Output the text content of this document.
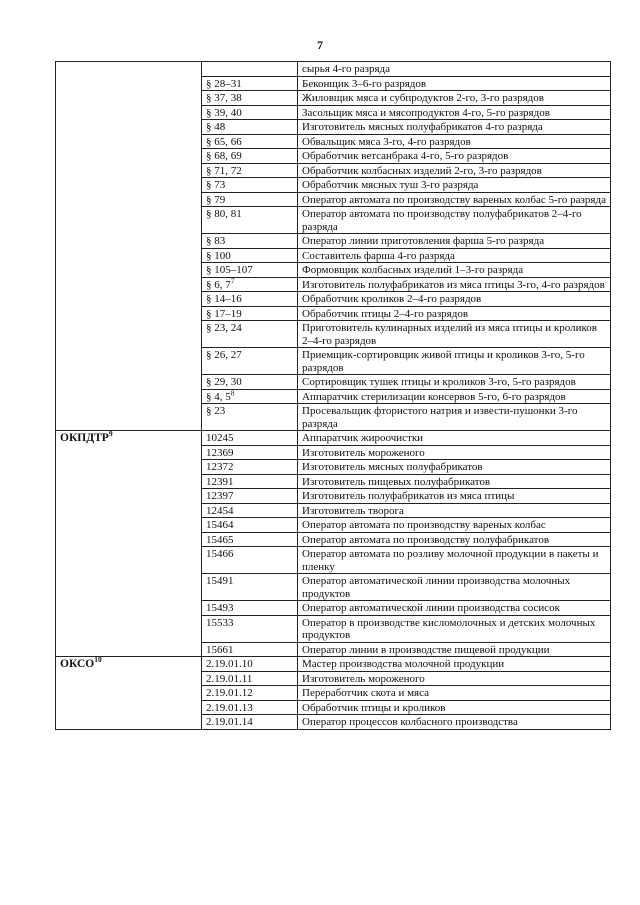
7
		сырья 4-го разряда
	§ 28–31	Беконщик 3–6-го разрядов
	§ 37, 38	Жиловщик мяса и субпродуктов 2-го, 3-го разрядов
	§ 39, 40	Засольщик мяса и мясопродуктов 4-го, 5-го разрядов
	§ 48	Изготовитель мясных полуфабрикатов 4-го разряда
	§ 65, 66	Обвальщик мяса 3-го, 4-го разрядов
	§ 68, 69	Обработчик ветсанбрака 4-го, 5-го разрядов
	§ 71, 72	Обработчик колбасных изделий 2-го, 3-го разрядов
	§ 73	Обработчик мясных туш 3-го разряда
	§ 79	Оператор автомата по производству вареных колбас 5-го разряда
	§ 80, 81	Оператор автомата по производству полуфабрикатов 2–4-го разряда
	§ 83	Оператор линии приготовления фарша 5-го разряда
	§ 100	Составитель фарша 4-го разряда
	§ 105–107	Формовщик колбасных изделий 1–3-го разряда
	§ 6, $7^7$	Изготовитель полуфабрикатов из мяса птицы 3-го, 4-го разрядов
	§ 14–16	Обработчик кроликов 2–4-го разрядов
	§ 17–19	Обработчик птицы 2–4-го разрядов
	§ 23, 24	Приготовитель кулинарных изделий из мяса птицы и кроликов 2–4-го разрядов
	§ 26, 27	Приемщик-сортировщик живой птицы и кроликов 3-го, 5-го разрядов
	§ 29, 30	Сортировщик тушек птицы и кроликов 3-го, 5-го разрядов
	§ 4, $5^8$	Аппаратчик стерилизации консервов 5-го, 6-го разрядов
	§ 23	Просевальщик фтористого натрия и извести-пушонки 3-го разряда
ОКПДТР$^9$	10245	Аппаратчик жироочистки
	12369	Изготовитель мороженого
	12372	Изготовитель мясных полуфабрикатов
	12391	Изготовитель пищевых полуфабрикатов
	12397	Изготовитель полуфабрикатов из мяса птицы
	12454	Изготовитель творога
	15464	Оператор автомата по производству вареных колбас
	15465	Оператор автомата по производству полуфабрикатов
	15466	Оператор автомата по розливу молочной продукции в пакеты и пленку
	15491	Оператор автоматической линии производства молочных продуктов
	15493	Оператор автоматической линии производства сосисок
	15533	Оператор в производстве кисломолочных и детских молочных продуктов
	15661	Оператор линии в производстве пищевой продукции
ОКСО$^{10}$	2.19.01.10	Мастер производства молочной продукции
	2.19.01.11	Изготовитель мороженого
	2.19.01.12	Переработчик скота и мяса
	2.19.01.13	Обработчик птицы и кроликов
	2.19.01.14	Оператор процессов колбасного производства
